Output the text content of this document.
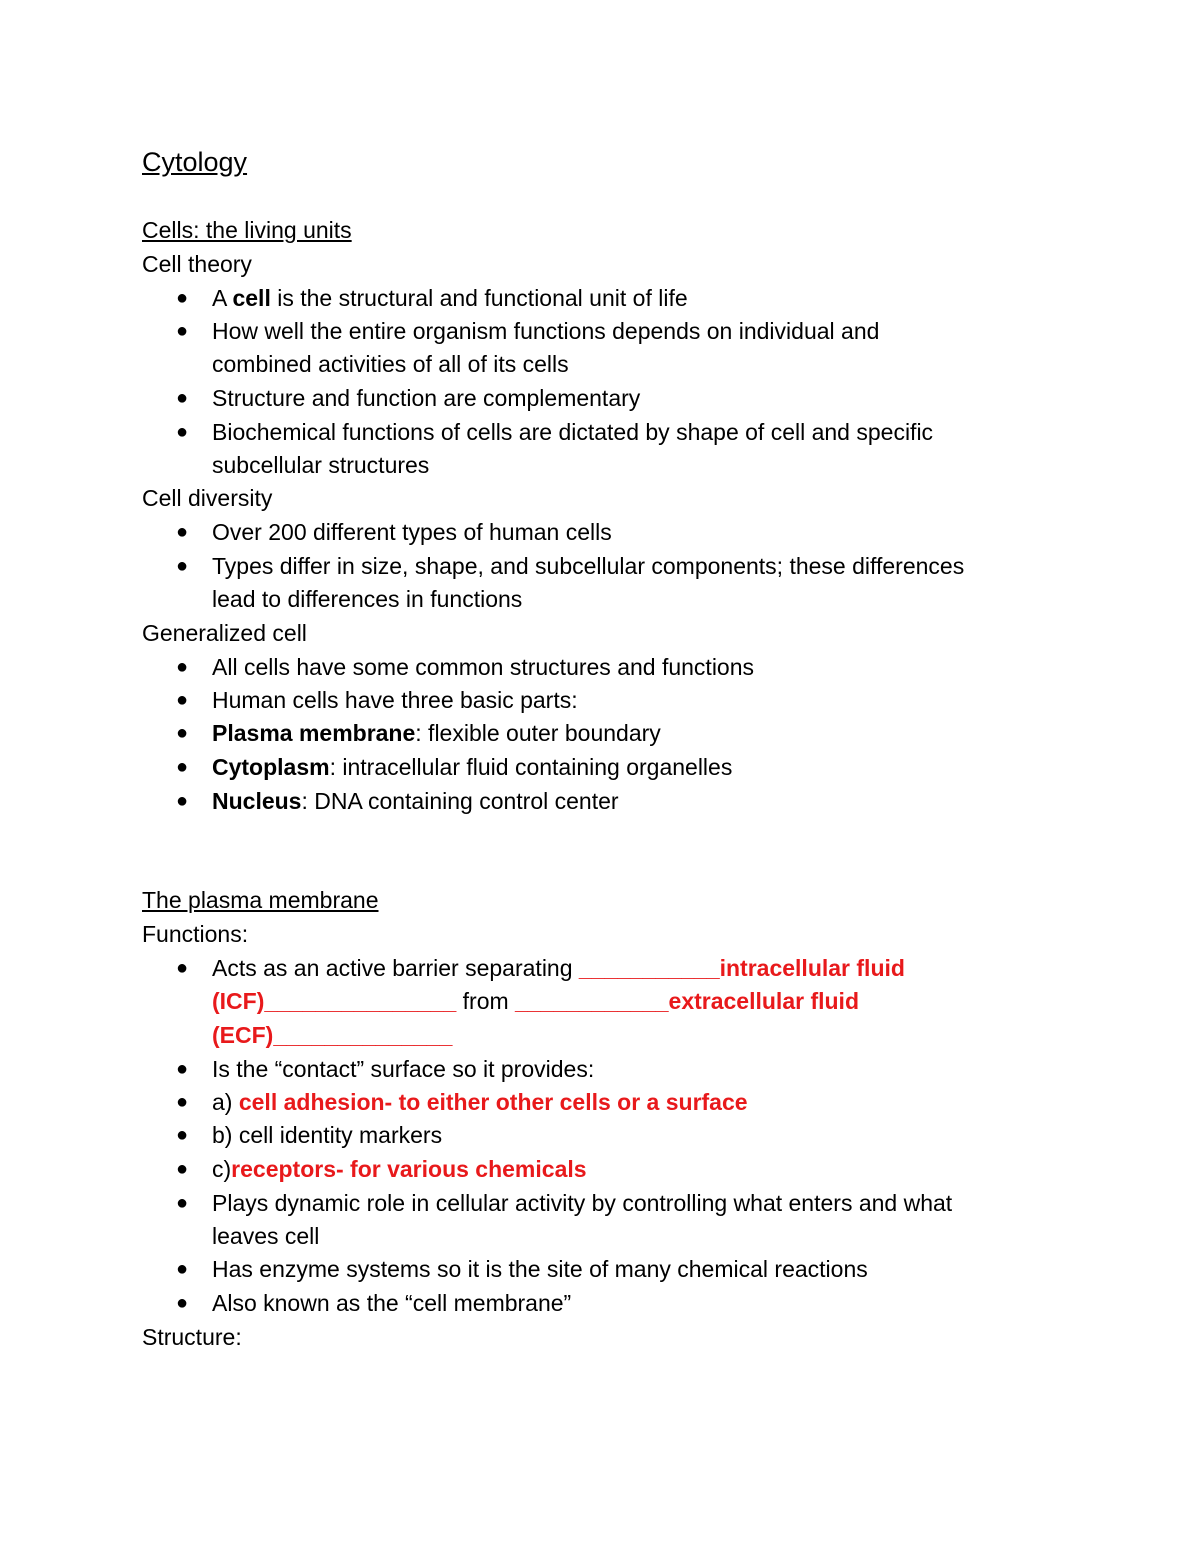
Cytology
Cells: the living units
Cell theory
● A cell is the structural and functional unit of life
● How well the entire organism functions depends on individual and
combined activities of all of its cells
● Structure and function are complementary
● Biochemical functions of cells are dictated by shape of cell and specific
subcellular structures
Cell diversity
● Over 200 different types of human cells
● Types differ in size, shape, and subcellular components; these differences
lead to differences in functions
Generalized cell
● All cells have some common structures and functions
● Human cells have three basic parts:
● Plasma membrane: flexible outer boundary
● Cytoplasm: intracellular fluid containing organelles
● Nucleus: DNA containing control center
The plasma membrane
Functions:
● Acts as an active barrier separating ___________intracellular fluid
(ICF)_______________ from ____________extracellular fluid
(ECF)______________
● Is the “contact” surface so it provides:
● a) cell adhesion- to either other cells or a surface
● b) cell identity markers
● c)receptors- for various chemicals
● Plays dynamic role in cellular activity by controlling what enters and what
leaves cell
● Has enzyme systems so it is the site of many chemical reactions
● Also known as the “cell membrane”
Structure:
